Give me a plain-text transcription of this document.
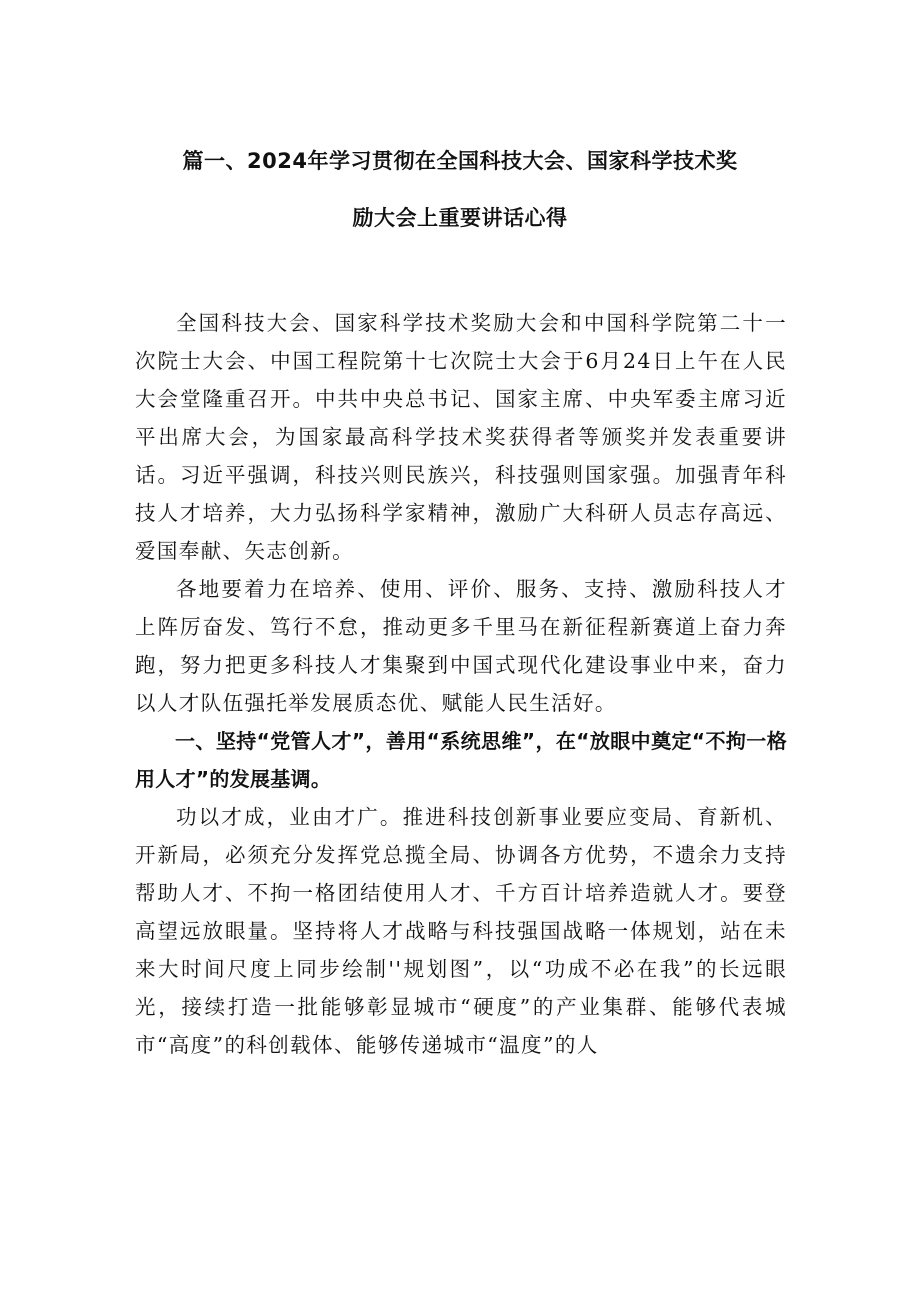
篇一、2024年学习贯彻在全国科技大会、国家科学技术奖
励大会上重要讲话心得

全国科技大会、国家科学技术奖励大会和中国科学院第二十一次院士大会、中国工程院第十七次院士大会于6月24日上午在人民大会堂隆重召开。中共中央总书记、国家主席、中央军委主席习近平出席大会，为国家最高科学技术奖获得者等颁奖并发表重要讲话。习近平强调，科技兴则民族兴，科技强则国家强。加强青年科技人才培养，大力弘扬科学家精神，激励广大科研人员志存高远、爱国奉献、矢志创新。

各地要着力在培养、使用、评价、服务、支持、激励科技人才上阵厉奋发、笃行不怠，推动更多千里马在新征程新赛道上奋力奔跑，努力把更多科技人才集聚到中国式现代化建设事业中来，奋力以人才队伍强托举发展质态优、赋能人民生活好。

一、坚持“党管人才”，善用“系统思维”，在“放眼中奠定“不拘一格用人才”的发展基调。

功以才成，业由才广。推进科技创新事业要应变局、育新机、开新局，必须充分发挥党总揽全局、协调各方优势，不遗余力支持帮助人才、不拘一格团结使用人才、千方百计培养造就人才。要登高望远放眼量。坚持将人才战略与科技强国战略一体规划，站在未来大时间尺度上同步绘制''规划图”，以“功成不必在我”的长远眼光，接续打造一批能够彰显城市“硬度”的产业集群、能够代表城市“高度”的科创载体、能够传递城市“温度”的人
